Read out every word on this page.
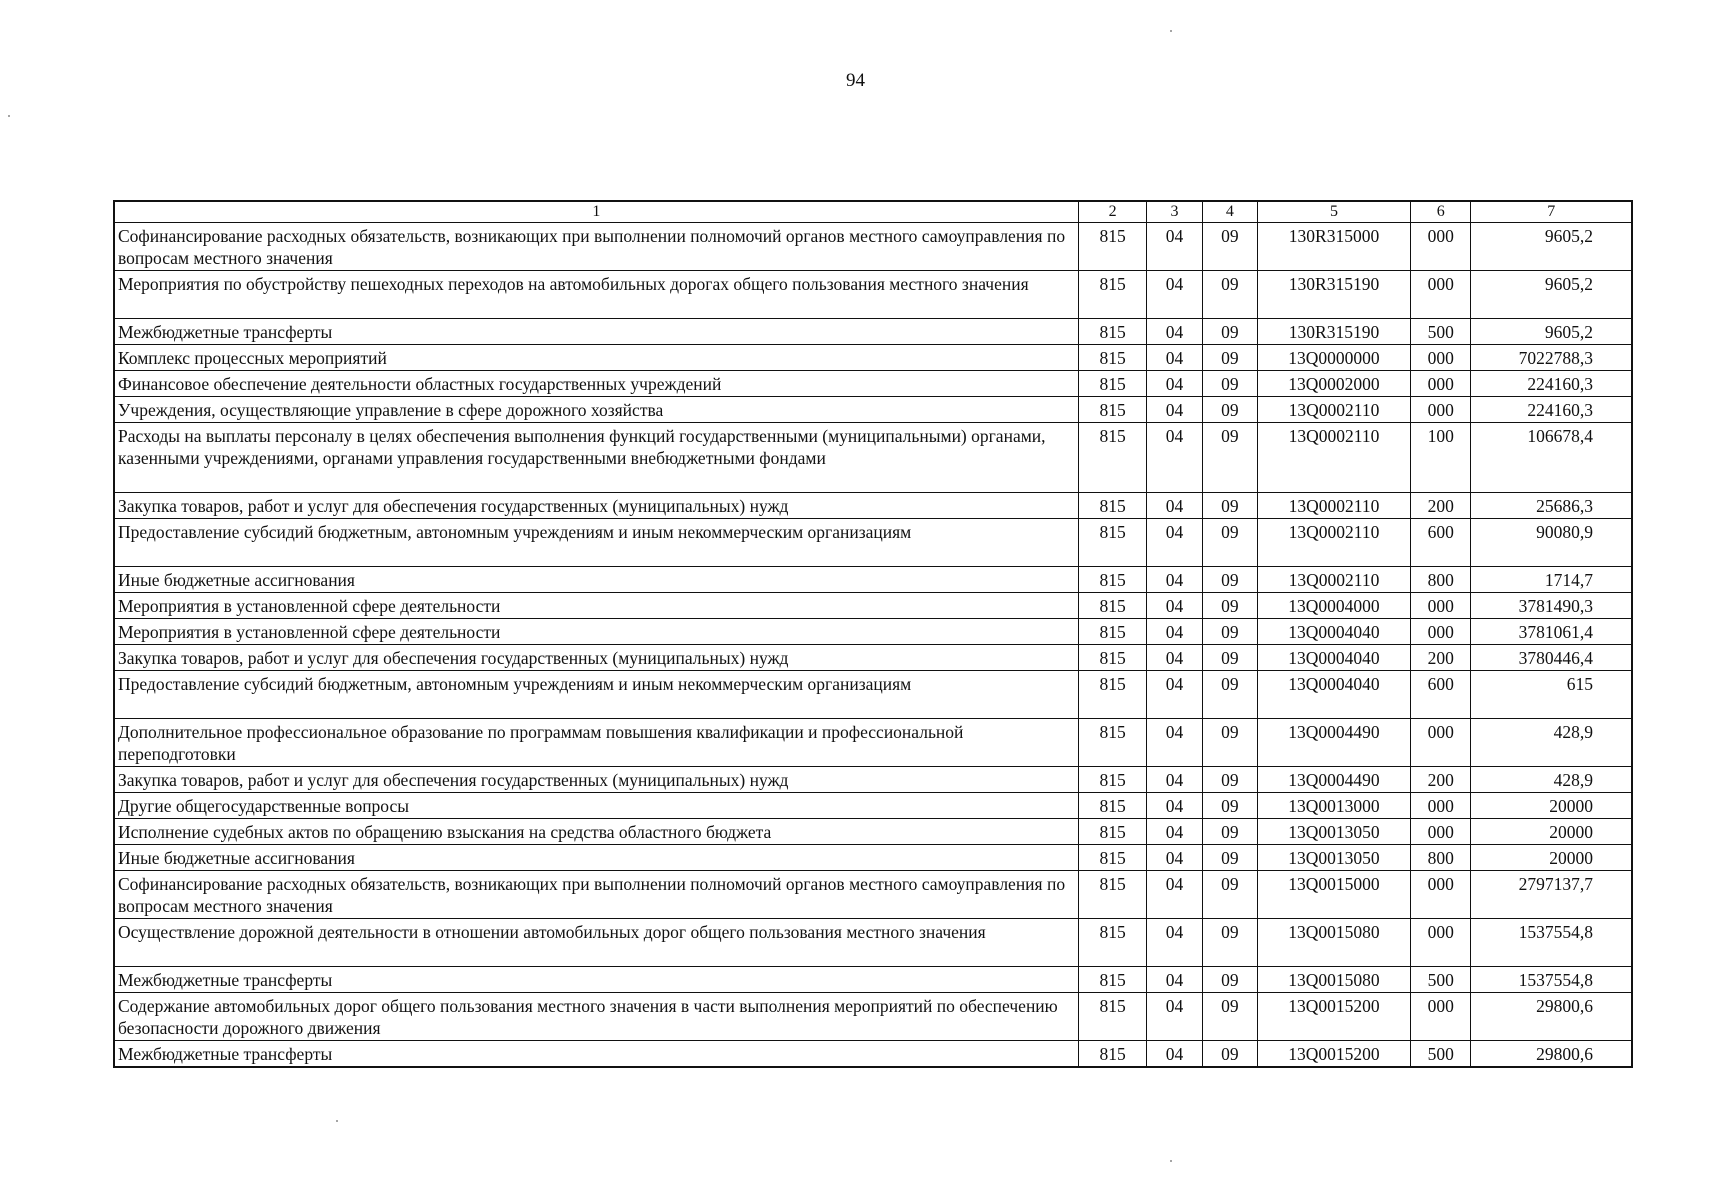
94
1	2	3	4	5	6	7
Софинансирование расходных обязательств, возникающих при выполнении полномочий органов местного самоуправления по вопросам местного значения	815	04	09	130R315000	000	9605,2
Мероприятия по обустройству пешеходных переходов на автомобильных дорогах общего пользования местного значения	815	04	09	130R315190	000	9605,2
Межбюджетные трансферты	815	04	09	130R315190	500	9605,2
Комплекс процессных мероприятий	815	04	09	13Q0000000	000	7022788,3
Финансовое обеспечение деятельности областных государственных учреждений	815	04	09	13Q0002000	000	224160,3
Учреждения, осуществляющие управление в сфере дорожного хозяйства	815	04	09	13Q0002110	000	224160,3
Расходы на выплаты персоналу в целях обеспечения выполнения функций государственными (муниципальными) органами, казенными учреждениями, органами управления государственными внебюджетными фондами	815	04	09	13Q0002110	100	106678,4
Закупка товаров, работ и услуг для обеспечения государственных (муниципальных) нужд	815	04	09	13Q0002110	200	25686,3
Предоставление субсидий бюджетным, автономным учреждениям и иным некоммерческим организациям	815	04	09	13Q0002110	600	90080,9
Иные бюджетные ассигнования	815	04	09	13Q0002110	800	1714,7
Мероприятия в установленной сфере деятельности	815	04	09	13Q0004000	000	3781490,3
Мероприятия в установленной сфере деятельности	815	04	09	13Q0004040	000	3781061,4
Закупка товаров, работ и услуг для обеспечения государственных (муниципальных) нужд	815	04	09	13Q0004040	200	3780446,4
Предоставление субсидий бюджетным, автономным учреждениям и иным некоммерческим организациям	815	04	09	13Q0004040	600	615
Дополнительное профессиональное образование по программам повышения квалификации и профессиональной переподготовки	815	04	09	13Q0004490	000	428,9
Закупка товаров, работ и услуг для обеспечения государственных (муниципальных) нужд	815	04	09	13Q0004490	200	428,9
Другие общегосударственные вопросы	815	04	09	13Q0013000	000	20000
Исполнение судебных актов по обращению взыскания на средства областного бюджета	815	04	09	13Q0013050	000	20000
Иные бюджетные ассигнования	815	04	09	13Q0013050	800	20000
Софинансирование расходных обязательств, возникающих при выполнении полномочий органов местного самоуправления по вопросам местного значения	815	04	09	13Q0015000	000	2797137,7
Осуществление дорожной деятельности в отношении автомобильных дорог общего пользования местного значения	815	04	09	13Q0015080	000	1537554,8
Межбюджетные трансферты	815	04	09	13Q0015080	500	1537554,8
Содержание автомобильных дорог общего пользования местного значения в части выполнения мероприятий по обеспечению безопасности дорожного движения	815	04	09	13Q0015200	000	29800,6
Межбюджетные трансферты	815	04	09	13Q0015200	500	29800,6
